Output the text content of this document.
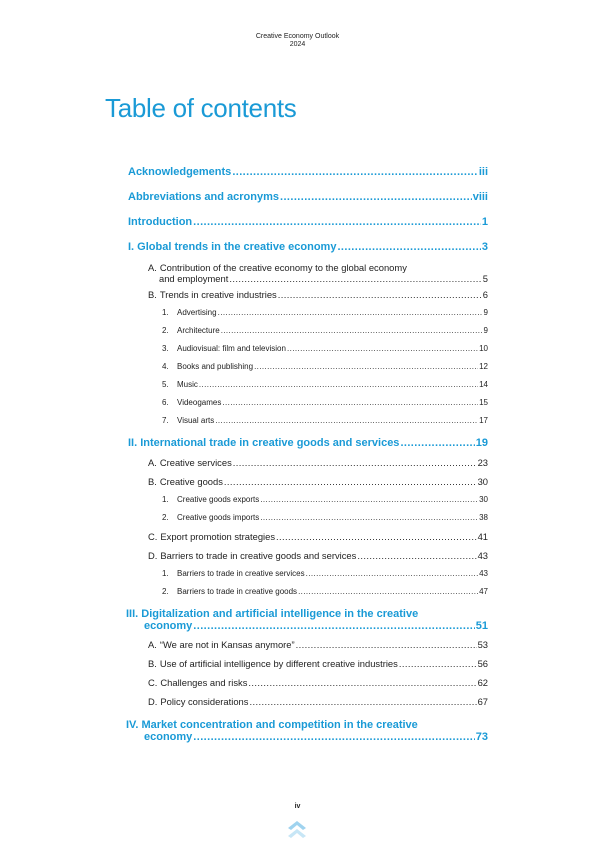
Creative Economy Outlook
2024
Table of contents
Acknowledgements .....	iii
Abbreviations and acronyms .....	viii
Introduction .....	1
I. Global trends in the creative economy .....	3
A. Contribution of the creative economy to the global economy
and employment .....	5
B. Trends in creative industries .....	6
1.	Advertising .....	9
2.	Architecture .....	9
3.	Audiovisual: film and television .....	10
4.	Books and publishing .....	12
5.	Music .....	14
6.	Videogames .....	15
7.	Visual arts .....	17
II. International trade in creative goods and services .....	19
A. Creative services .....	23
B. Creative goods .....	30
1.	Creative goods exports .....	30
2.	Creative goods imports .....	38
C. Export promotion strategies .....	41
D. Barriers to trade in creative goods and services .....	43
1.	Barriers to trade in creative services .....	43
2.	Barriers to trade in creative goods .....	47
III. Digitalization and artificial intelligence in the creative
economy .....	51
A. “We are not in Kansas anymore” .....	53
B. Use of artificial intelligence by different creative industries .....	56
C. Challenges and risks .....	62
D. Policy considerations .....	67
IV. Market concentration and competition in the creative
economy .....	73
iv
